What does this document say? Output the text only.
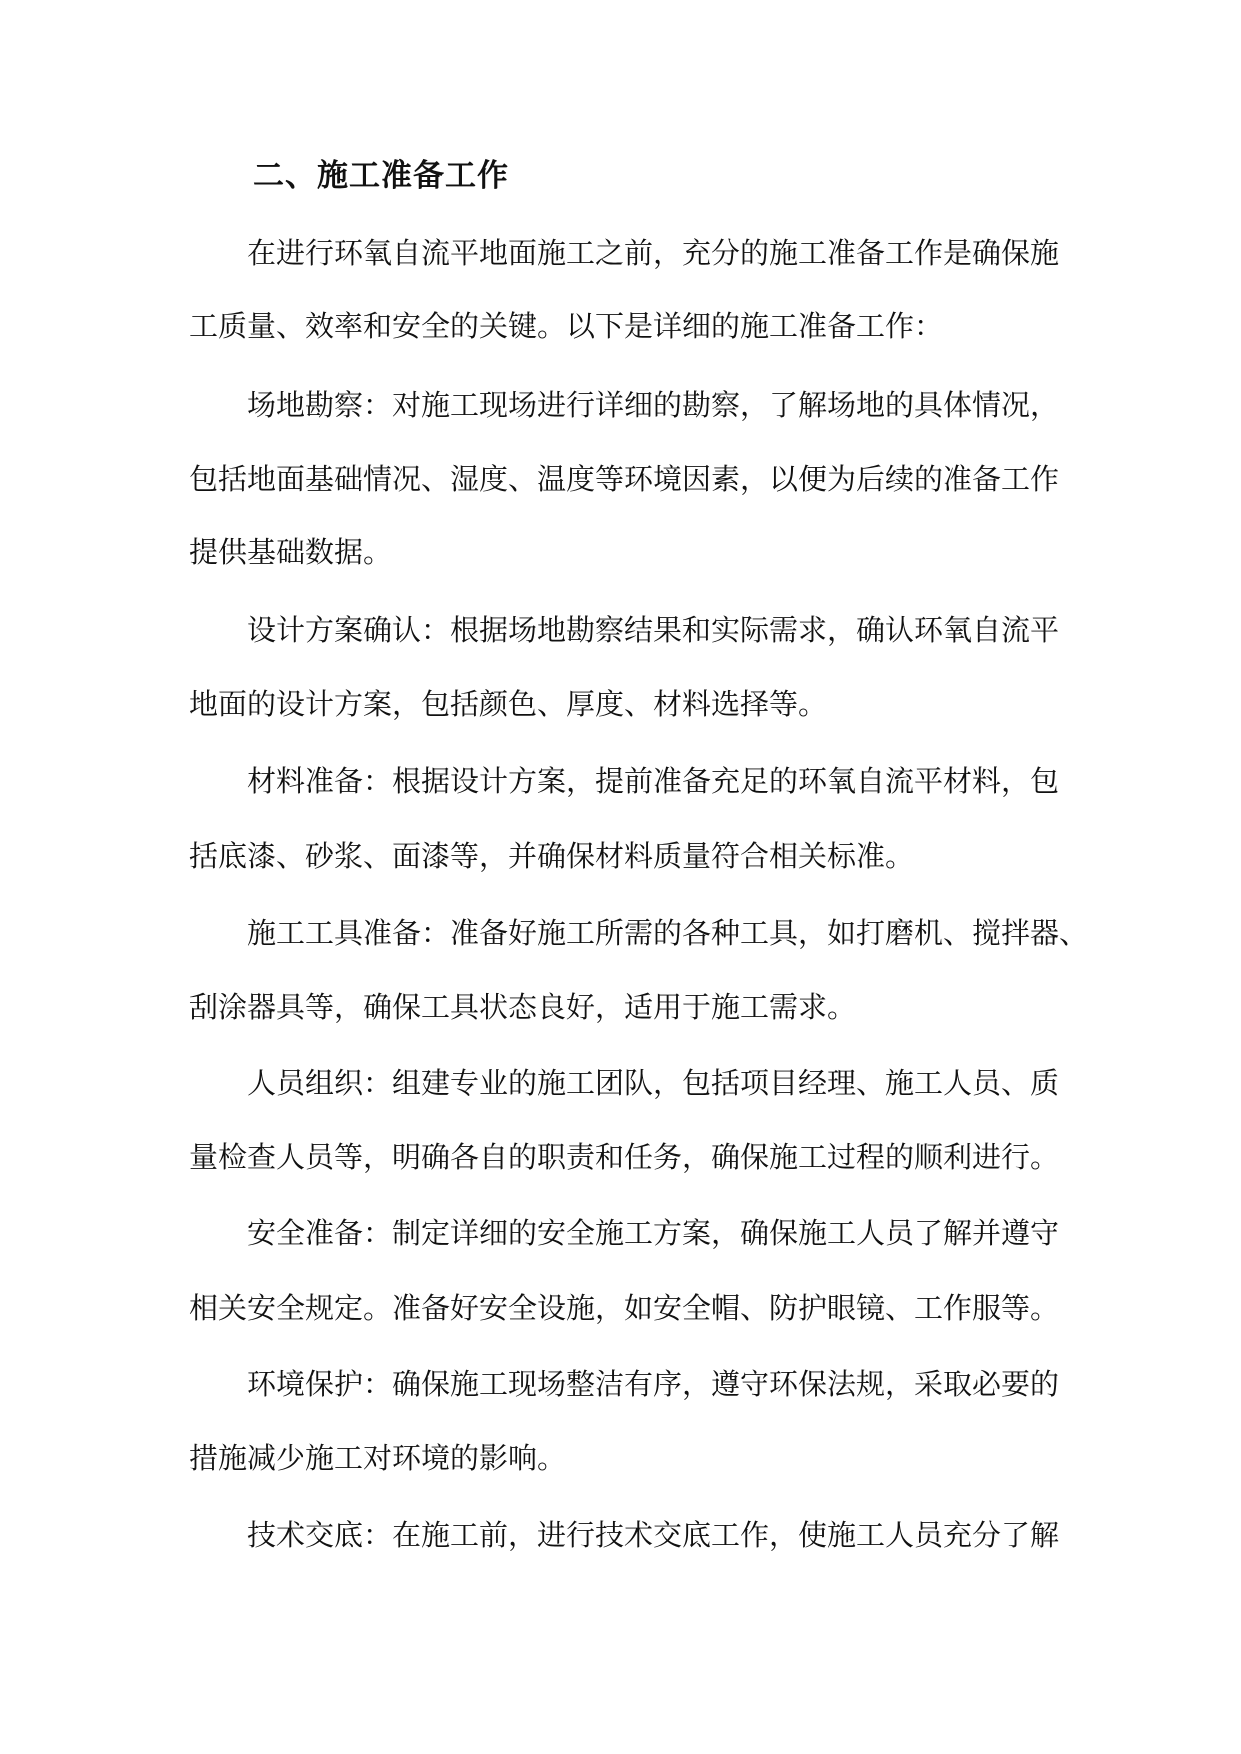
二、施工准备工作

在进行环氧自流平地面施工之前，充分的施工准备工作是确保施

工质量、效率和安全的关键。以下是详细的施工准备工作：

场地勘察：对施工现场进行详细的勘察，了解场地的具体情况，

包括地面基础情况、湿度、温度等环境因素，以便为后续的准备工作

提供基础数据。

设计方案确认：根据场地勘察结果和实际需求，确认环氧自流平

地面的设计方案，包括颜色、厚度、材料选择等。

材料准备：根据设计方案，提前准备充足的环氧自流平材料，包

括底漆、砂浆、面漆等，并确保材料质量符合相关标准。

施工工具准备：准备好施工所需的各种工具，如打磨机、搅拌器、

刮涂器具等，确保工具状态良好，适用于施工需求。

人员组织：组建专业的施工团队，包括项目经理、施工人员、质

量检查人员等，明确各自的职责和任务，确保施工过程的顺利进行。

安全准备：制定详细的安全施工方案，确保施工人员了解并遵守

相关安全规定。准备好安全设施，如安全帽、防护眼镜、工作服等。

环境保护：确保施工现场整洁有序，遵守环保法规，采取必要的

措施减少施工对环境的影响。

技术交底：在施工前，进行技术交底工作，使施工人员充分了解
